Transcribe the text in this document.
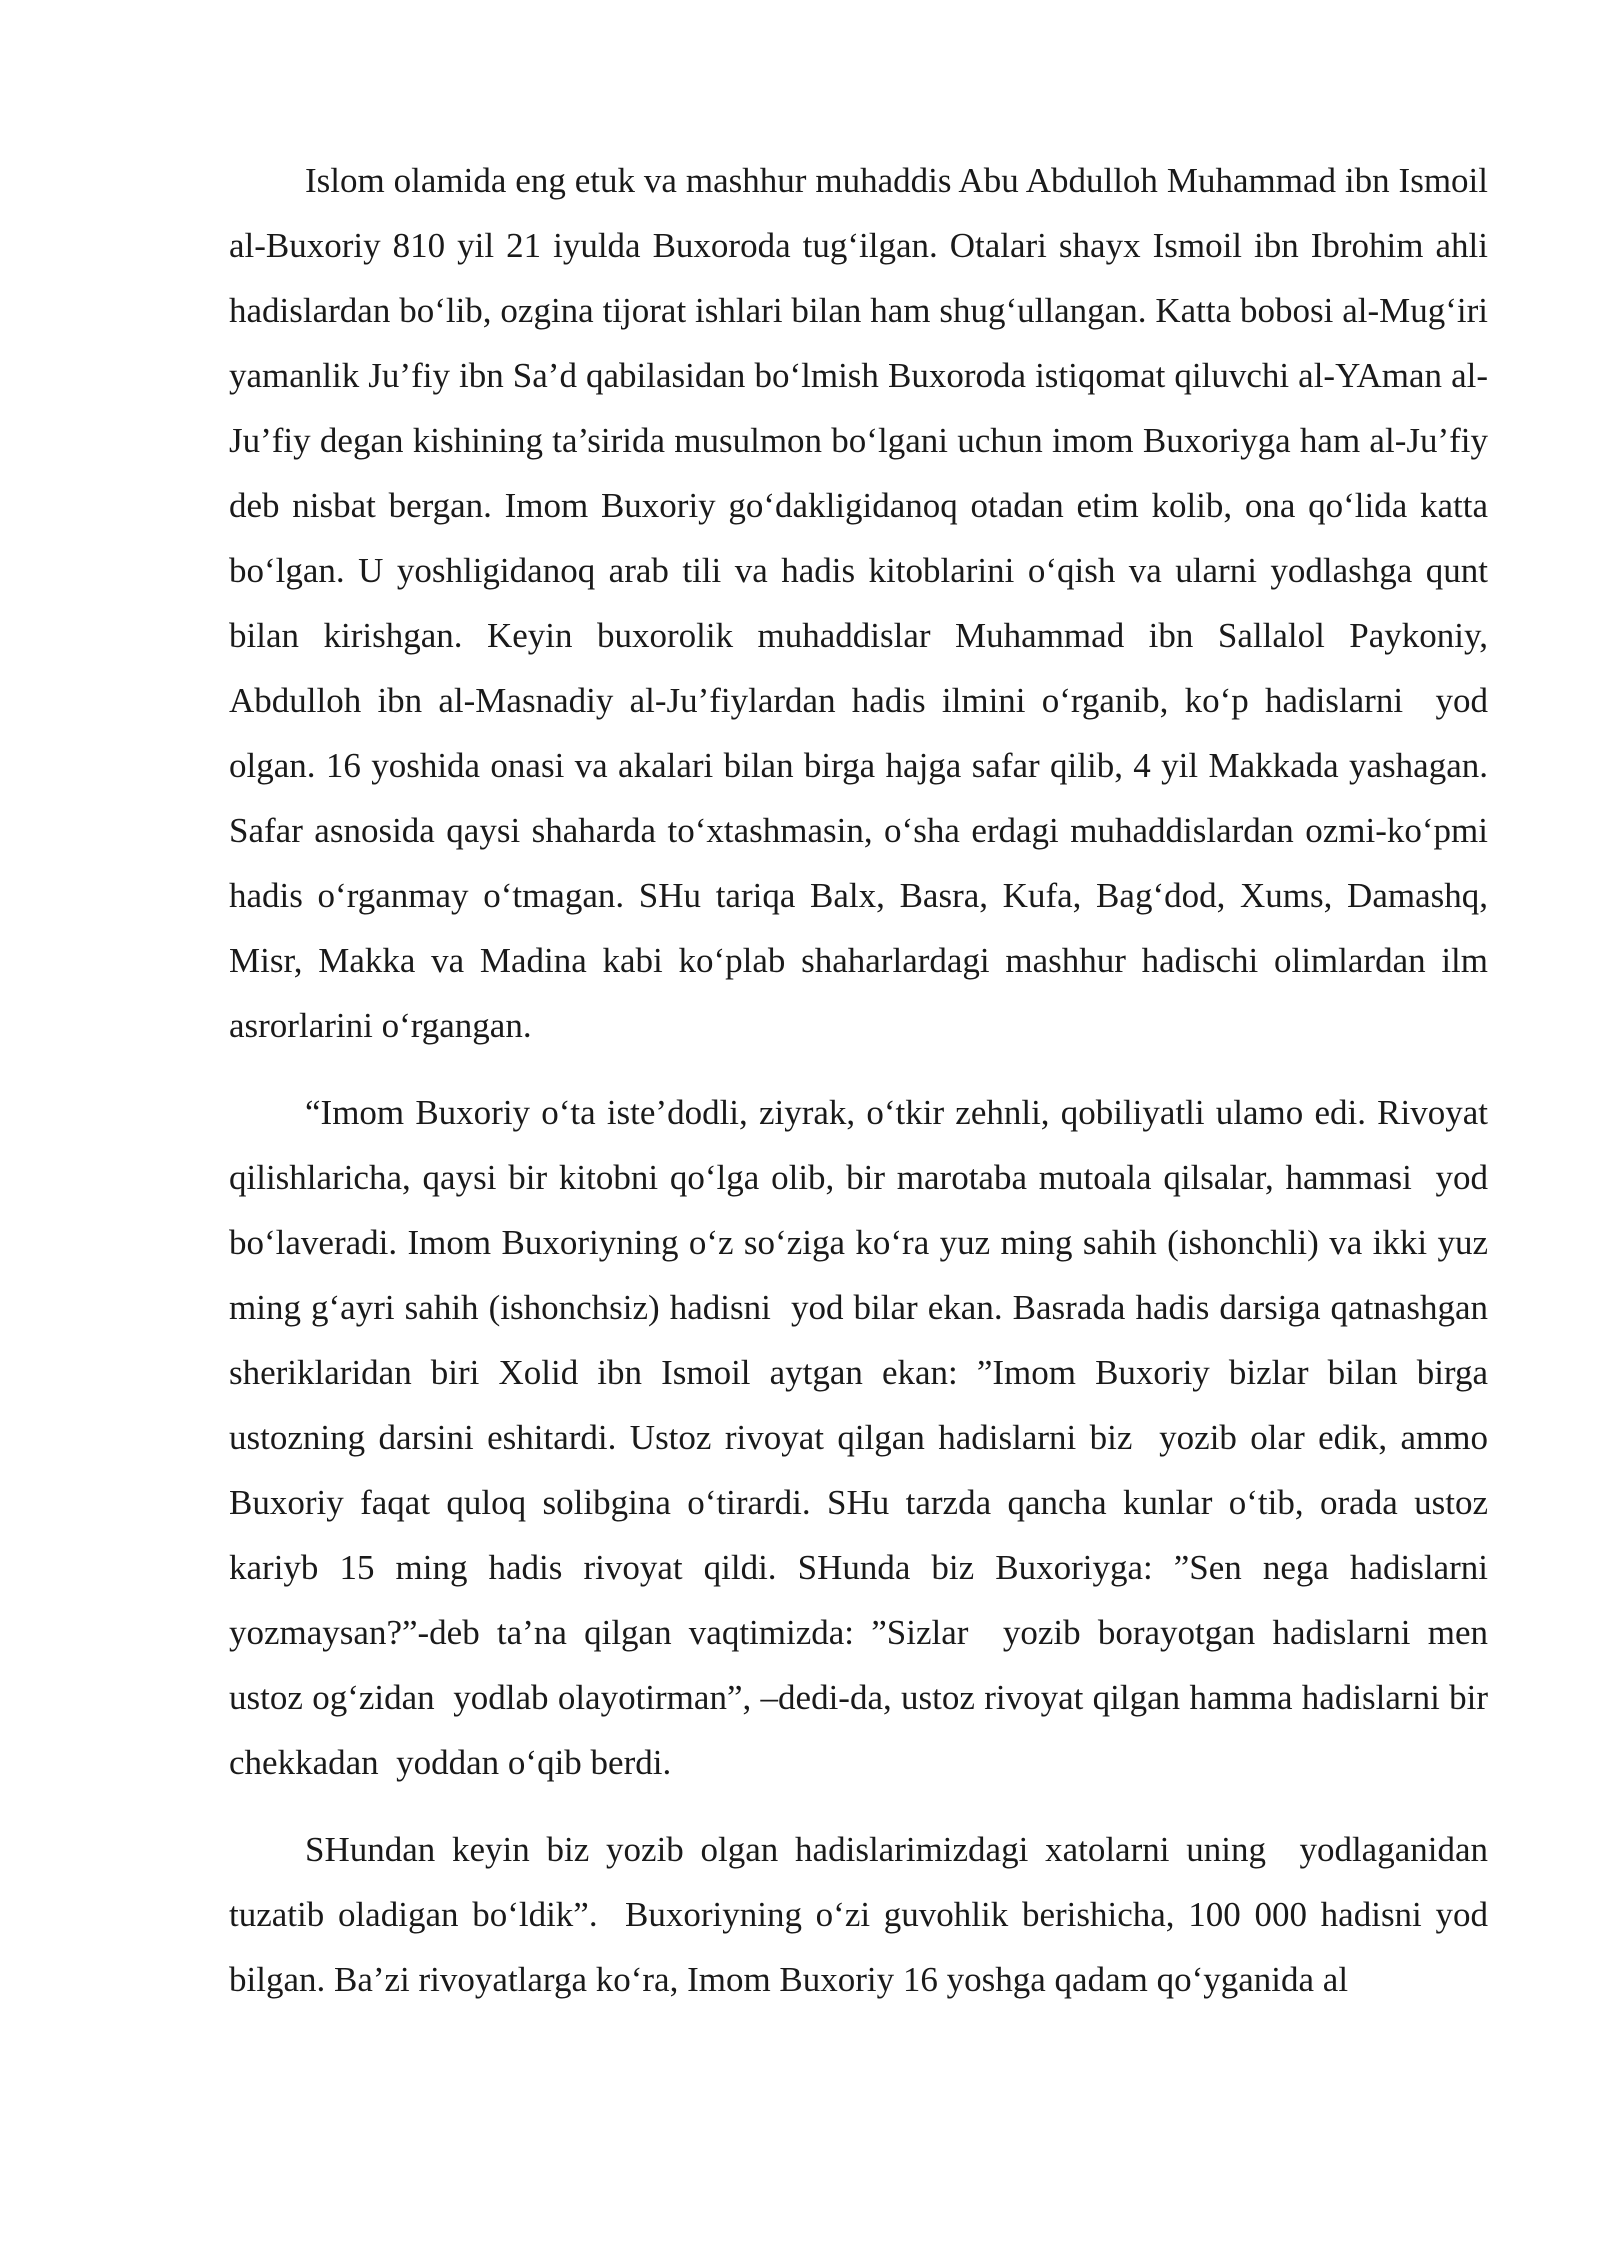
Islom olamida eng etuk va mashhur muhaddis Abu Abdulloh Muhammad ibn Ismoil al-Buxoriy 810 yil 21 iyulda Buxoroda tug‘ilgan. Otalari shayx Ismoil ibn Ibrohim ahli hadislardan bo‘lib, ozgina tijorat ishlari bilan ham shug‘ullangan. Katta bobosi al-Mug‘iri yamanlik Ju’fiy ibn Sa’d qabilasidan bo‘lmish Buxoroda istiqomat qiluvchi al-YAman al-Ju’fiy degan kishining ta’sirida musulmon bo‘lgani uchun imom Buxoriyga ham al-Ju’fiy deb nisbat bergan. Imom Buxoriy go‘dakligidanoq otadan etim kolib, ona qo‘lida katta bo‘lgan. U yoshligidanoq arab tili va hadis kitoblarini o‘qish va ularni yodlashga qunt bilan kirishgan. Keyin buxorolik muhaddislar Muhammad ibn Sallalol Paykoniy, Abdulloh ibn al-Masnadiy al-Ju’fiylardan hadis ilmini o‘rganib, ko‘p hadislarni  yod olgan. 16 yoshida onasi va akalari bilan birga hajga safar qilib, 4 yil Makkada yashagan. Safar asnosida qaysi shaharda to‘xtashmasin, o‘sha erdagi muhaddislardan ozmi-ko‘pmi hadis o‘rganmay o‘tmagan. SHu tariqa Balx, Basra, Kufa, Bag‘dod, Xums, Damashq, Misr, Makka va Madina kabi ko‘plab shaharlardagi mashhur hadischi olimlardan ilm asrorlarini o‘rgangan.

“Imom Buxoriy o‘ta iste’dodli, ziyrak, o‘tkir zehnli, qobiliyatli ulamo edi. Rivoyat qilishlaricha, qaysi bir kitobni qo‘lga olib, bir marotaba mutoala qilsalar, hammasi  yod bo‘laveradi. Imom Buxoriyning o‘z so‘ziga ko‘ra yuz ming sahih (ishonchli) va ikki yuz ming g‘ayri sahih (ishonchsiz) hadisni  yod bilar ekan. Basrada hadis darsiga qatnashgan sheriklaridan biri Xolid ibn Ismoil aytgan ekan: ”Imom Buxoriy bizlar bilan birga ustozning darsini eshitardi. Ustoz rivoyat qilgan hadislarni biz  yozib olar edik, ammo Buxoriy faqat quloq solibgina o‘tirardi. SHu tarzda qancha kunlar o‘tib, orada ustoz kariyb 15 ming hadis rivoyat qildi. SHunda biz Buxoriyga: ”Sen nega hadislarni  yozmaysan?”-deb ta’na qilgan vaqtimizda: ”Sizlar  yozib borayotgan hadislarni men ustoz og‘zidan  yodlab olayotirman”, –dedi-da, ustoz rivoyat qilgan hamma hadislarni bir chekkadan  yoddan o‘qib berdi.

SHundan keyin biz yozib olgan hadislarimizdagi xatolarni uning  yodlaganidan tuzatib oladigan bo‘ldik”.  Buxoriyning o‘zi guvohlik berishicha, 100 000 hadisni yod bilgan. Ba’zi rivoyatlarga ko‘ra, Imom Buxoriy 16 yoshga qadam qo‘yganida al
